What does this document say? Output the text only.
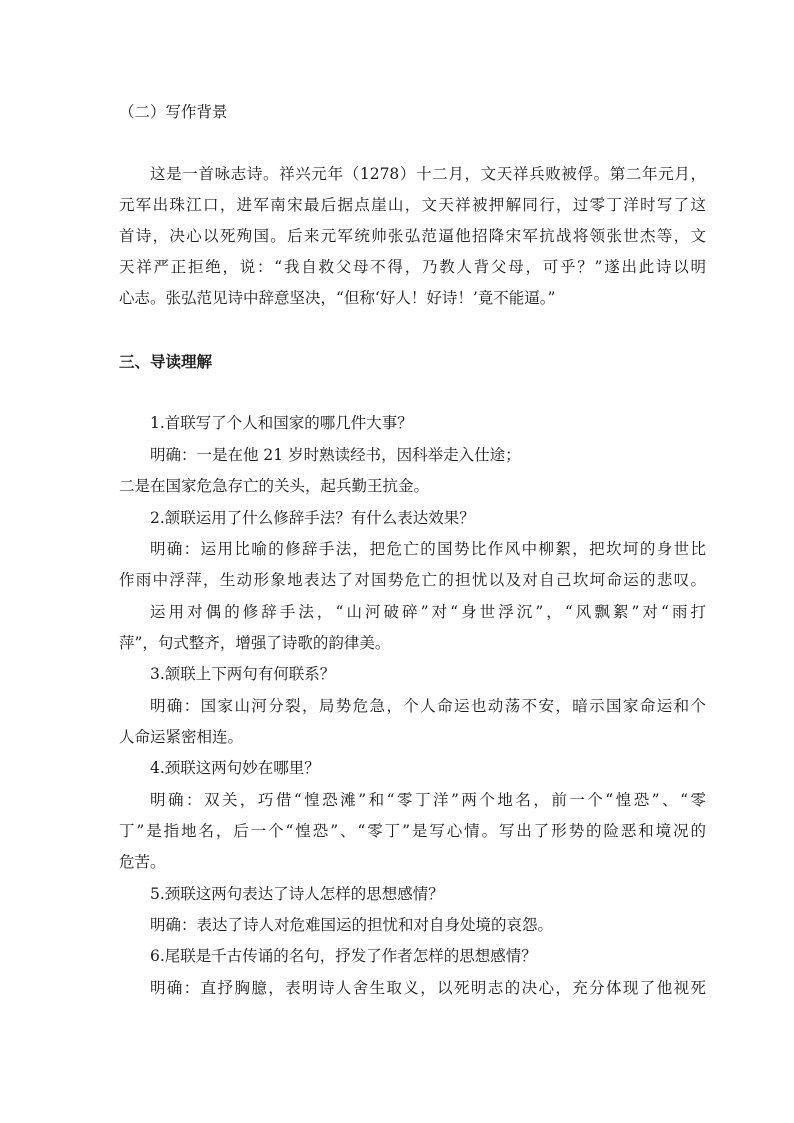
（二）写作背景

这是一首咏志诗。祥兴元年（1278）十二月，文天祥兵败被俘。第二年元月，

元军出珠江口，进军南宋最后据点崖山，文天祥被押解同行，过零丁洋时写了这

首诗，决心以死殉国。后来元军统帅张弘范逼他招降宋军抗战将领张世杰等，文

天祥严正拒绝，说：“我自救父母不得，乃教人背父母，可乎？”遂出此诗以明

心志。张弘范见诗中辞意坚决，“但称‘好人！好诗！’竟不能逼。”

三、导读理解

1.首联写了个人和国家的哪几件大事？

明确：一是在他 21 岁时熟读经书，因科举走入仕途；

二是在国家危急存亡的关头，起兵勤王抗金。

2.颔联运用了什么修辞手法？有什么表达效果？

明确：运用比喻的修辞手法，把危亡的国势比作风中柳絮，把坎坷的身世比

作雨中浮萍，生动形象地表达了对国势危亡的担忧以及对自己坎坷命运的悲叹。

运用对偶的修辞手法，“山河破碎”对“身世浮沉”，“风飘絮”对“雨打

萍”，句式整齐，增强了诗歌的韵律美。

3.颔联上下两句有何联系？

明确：国家山河分裂，局势危急，个人命运也动荡不安，暗示国家命运和个

人命运紧密相连。

4.颈联这两句妙在哪里？

明确：双关，巧借“惶恐滩”和“零丁洋”两个地名，前一个“惶恐”、“零

丁”是指地名，后一个“惶恐”、“零丁”是写心情。写出了形势的险恶和境况的

危苦。

5.颈联这两句表达了诗人怎样的思想感情？

明确：表达了诗人对危难国运的担忧和对自身处境的哀怨。

6.尾联是千古传诵的名句，抒发了作者怎样的思想感情？

明确：直抒胸臆，表明诗人舍生取义，以死明志的决心，充分体现了他视死
